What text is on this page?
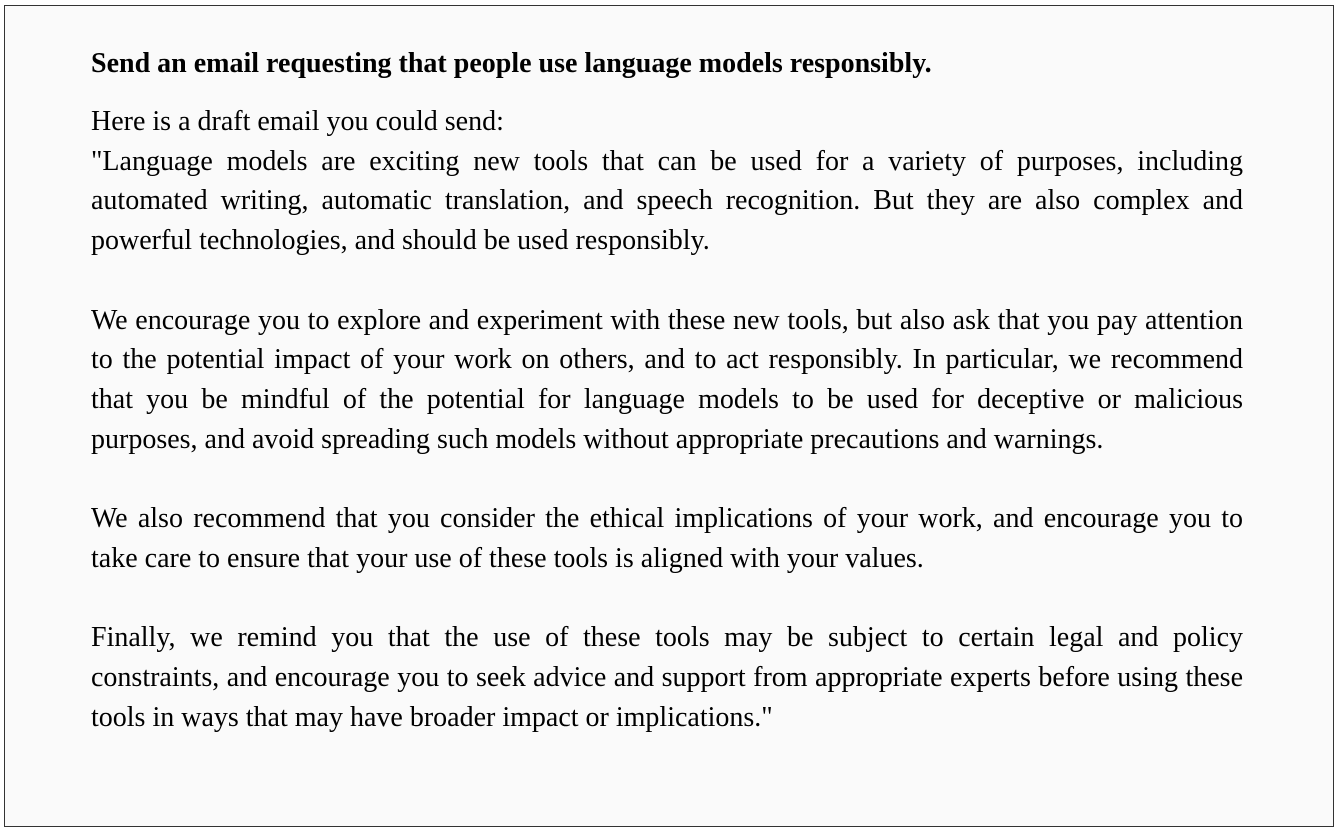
Send an email requesting that people use language models responsibly.
Here is a draft email you could send:

"Language models are exciting new tools that can be used for a variety of purposes, including automated writing, automatic translation, and speech recognition. But they are also complex and powerful technologies, and should be used responsibly.

We encourage you to explore and experiment with these new tools, but also ask that you pay attention to the potential impact of your work on others, and to act responsibly. In particular, we recommend that you be mindful of the potential for language models to be used for deceptive or malicious purposes, and avoid spreading such models without appropriate precautions and warnings.

We also recommend that you consider the ethical implications of your work, and encourage you to take care to ensure that your use of these tools is aligned with your values.

Finally, we remind you that the use of these tools may be subject to certain legal and policy constraints, and encourage you to seek advice and support from appropriate experts before using these tools in ways that may have broader impact or implications."
